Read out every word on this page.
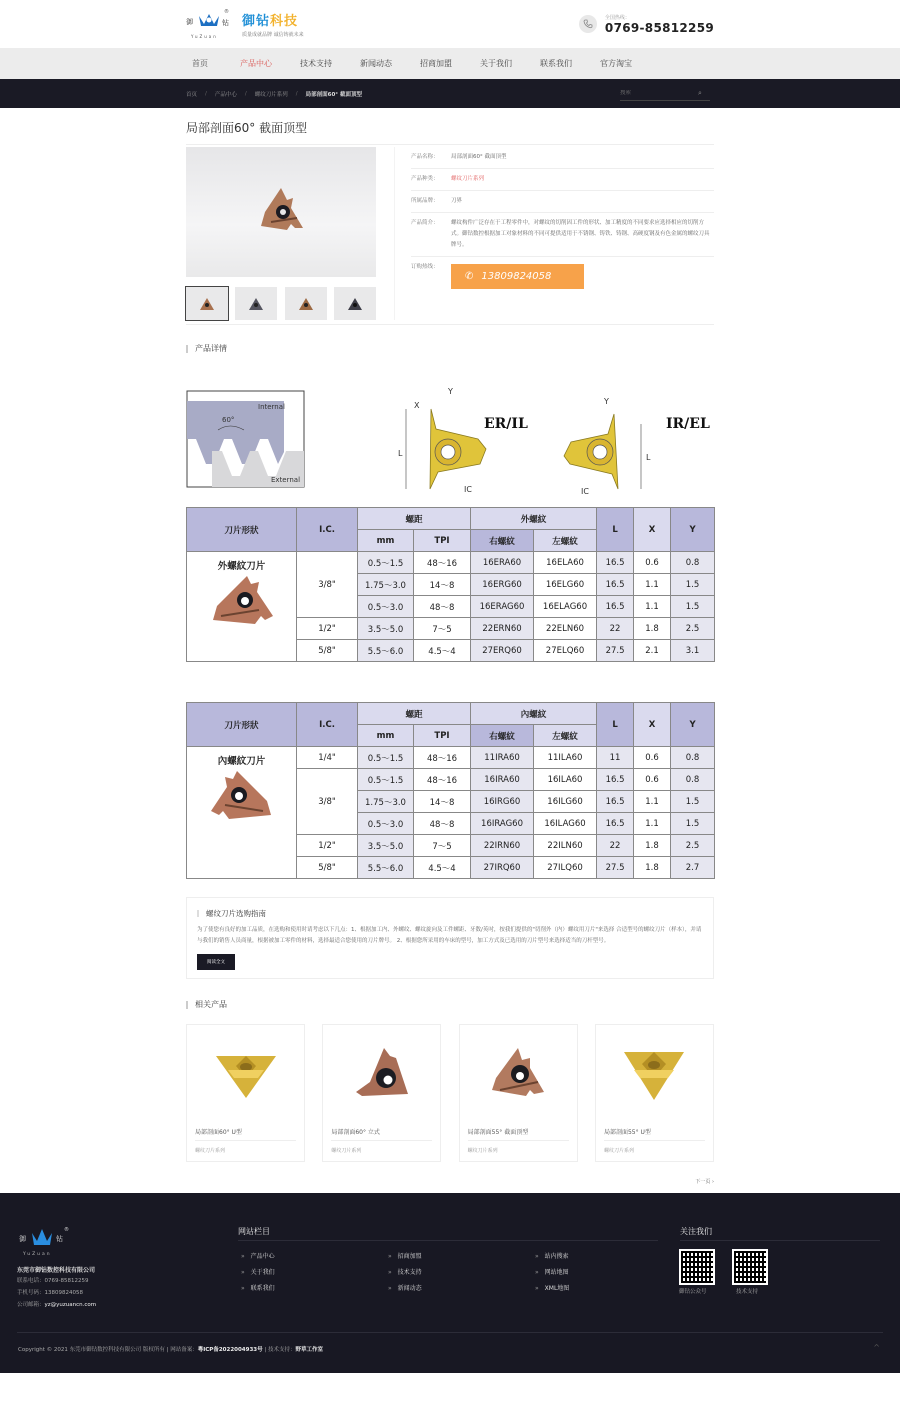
御	钻
®
YuZuan
御钻科技
质量成就品牌 诚信铸就未来
全国热线：
0769-85812259
首页	产品中心	技术支持	新闻动态	招商加盟	关于我们	联系我们	官方淘宝
首页 / 产品中心 / 螺纹刀片系列 / 局部剖面60° 截面顶型
搜索	⌕
局部剖面60° 截面顶型
产品名称：	局部剖面60° 截面顶型
产品种类：	螺纹刀片系列
所属品牌：	刀界
产品简介：	螺纹构件广泛存在于工程零件中，对螺纹的切削因工件的形状、加工精度的不同要求应选择相应的切削方式。御钻数控根据加工对象材料的不同可提供适用于不锈钢、铸铁、铸钢、高硬度钢及有色金属的螺纹刀具牌号。
订购热线：
✆ 13809824058
产品详情
Internal
External
60°
L
X
Y
IC
ER/IL
L
Y
IC
IR/EL
刀片形狀	I.C.	螺距		外螺紋		L	X	Y
		mm	TPI	右螺紋	左螺紋			

外螺紋刀片	3/8"	0.5～1.5	48～16	16ERA60	16ELA60	16.5	0.6	0.8
		1.75～3.0	14～8	16ERG60	16ELG60	16.5	1.1	1.5
		0.5～3.0	48～8	16ERAG60	16ELAG60	16.5	1.1	1.5
	1/2"	3.5～5.0	7～5	22ERN60	22ELN60	22	1.8	2.5
	5/8"	5.5～6.0	4.5～4	27ERQ60	27ELQ60	27.5	2.1	3.1
刀片形狀	I.C.	螺距		內螺紋		L	X	Y
		mm	TPI	右螺紋	左螺紋			

內螺紋刀片	1/4"	0.5～1.5	48～16	11IRA60	11ILA60	11	0.6	0.8
	3/8"	0.5～1.5	48～16	16IRA60	16ILA60	16.5	0.6	0.8
		1.75～3.0	14～8	16IRG60	16ILG60	16.5	1.1	1.5
		0.5～3.0	48～8	16IRAG60	16ILAG60	16.5	1.1	1.5
	1/2"	3.5～5.0	7～5	22IRN60	22ILN60	22	1.8	2.5
	5/8"	5.5～6.0	4.5～4	27IRQ60	27ILQ60	27.5	1.8	2.7
螺纹刀片选购指南
为了使您有良好的加工品质，在选购和使用时请考虑以下几点：1、根据加工内、外螺纹、螺纹旋向及工件螺距、牙数/英吋，按我们提供的"切削外（内）螺纹用刀片"来选择 合适型号的螺纹刀片（样本），并请与我们的销售人员商量，根据被加工零件的材料，选择最适合您使用的刀片牌号。 2、根据您所采用的车床的型号，加工方式及已选用的刀片型号来选择适当的刀杆型号。
阅读全文
相关产品
局部剖面60° U型
螺纹刀片系列
局部剖面60° 立式
螺纹刀片系列
局部剖面55° 截面顶型
螺纹刀片系列
局部剖面55° U型
螺纹刀片系列
下一页 ›
御	钻
®
YuZuan
东莞市御钻数控科技有限公司
联系电话：0769-85812259
手机号码：13809824058
公司邮箱：yz@yuzuancn.com
网站栏目
» 产品中心
» 关于我们
» 联系我们
» 招商加盟
» 技术支持
» 新闻动态
» 站内搜索
» 网站地图
» XML地图
关注我们
御钻公众号	技术支持
Copyright © 2021 东莞市御钻数控科技有限公司 版权所有 | 网站备案：粤ICP备2022004933号 | 技术支持：野草工作室	^
